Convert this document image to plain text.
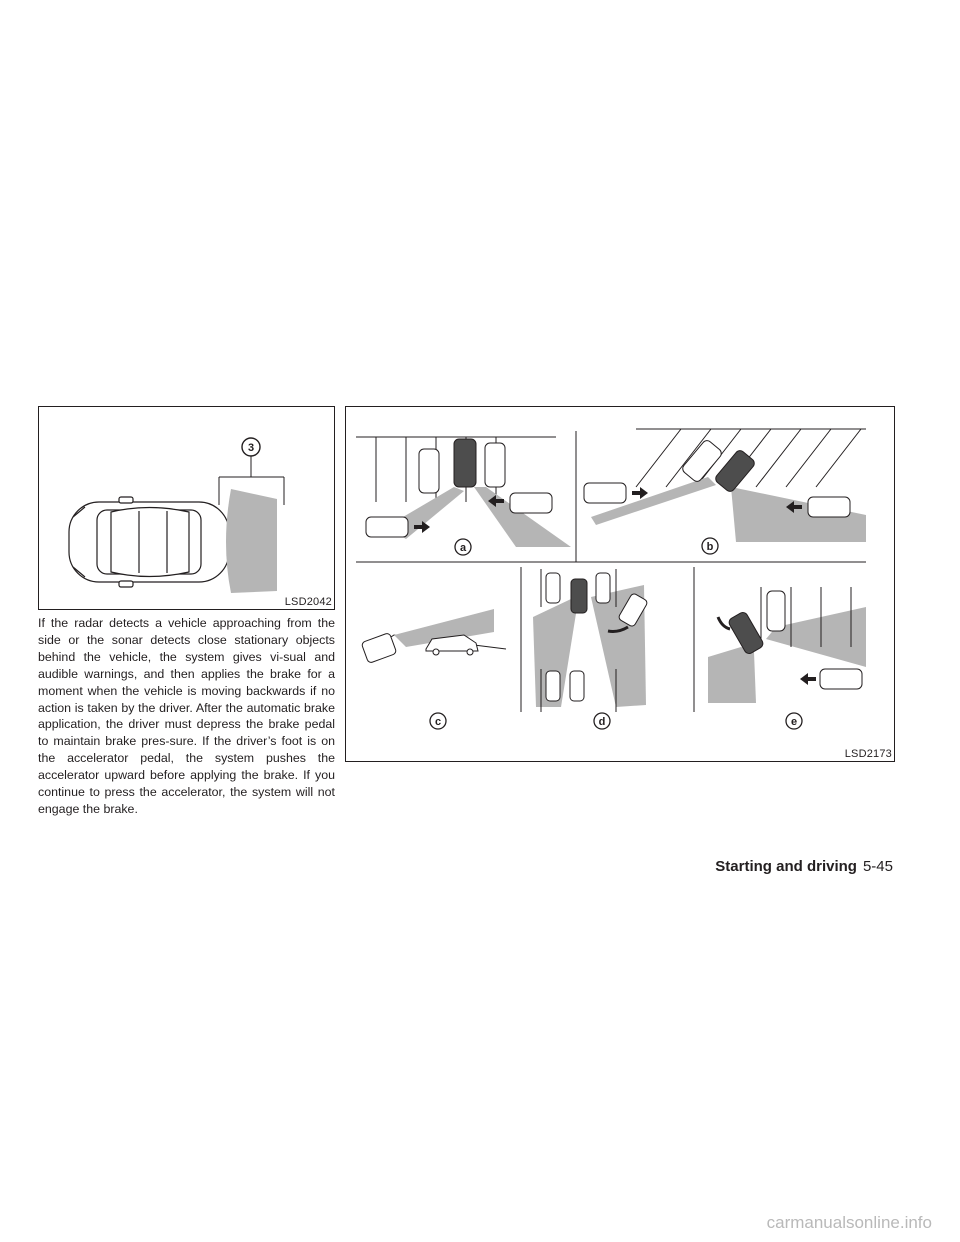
3
LSD2042
a	b
c	d	e
LSD2173

If the radar detects a vehicle approaching from the side or the sonar detects close stationary objects behind the vehicle, the system gives vi-sual and audible warnings, and then applies the brake for a moment when the vehicle is moving backwards if no action is taken by the driver. After the automatic brake application, the driver must depress the brake pedal to maintain brake pres-sure. If the driver’s foot is on the accelerator pedal, the system pushes the accelerator upward before applying the brake. If you continue to press the accelerator, the system will not engage the brake.

Starting and driving 5-45
carmanualsonline.info
